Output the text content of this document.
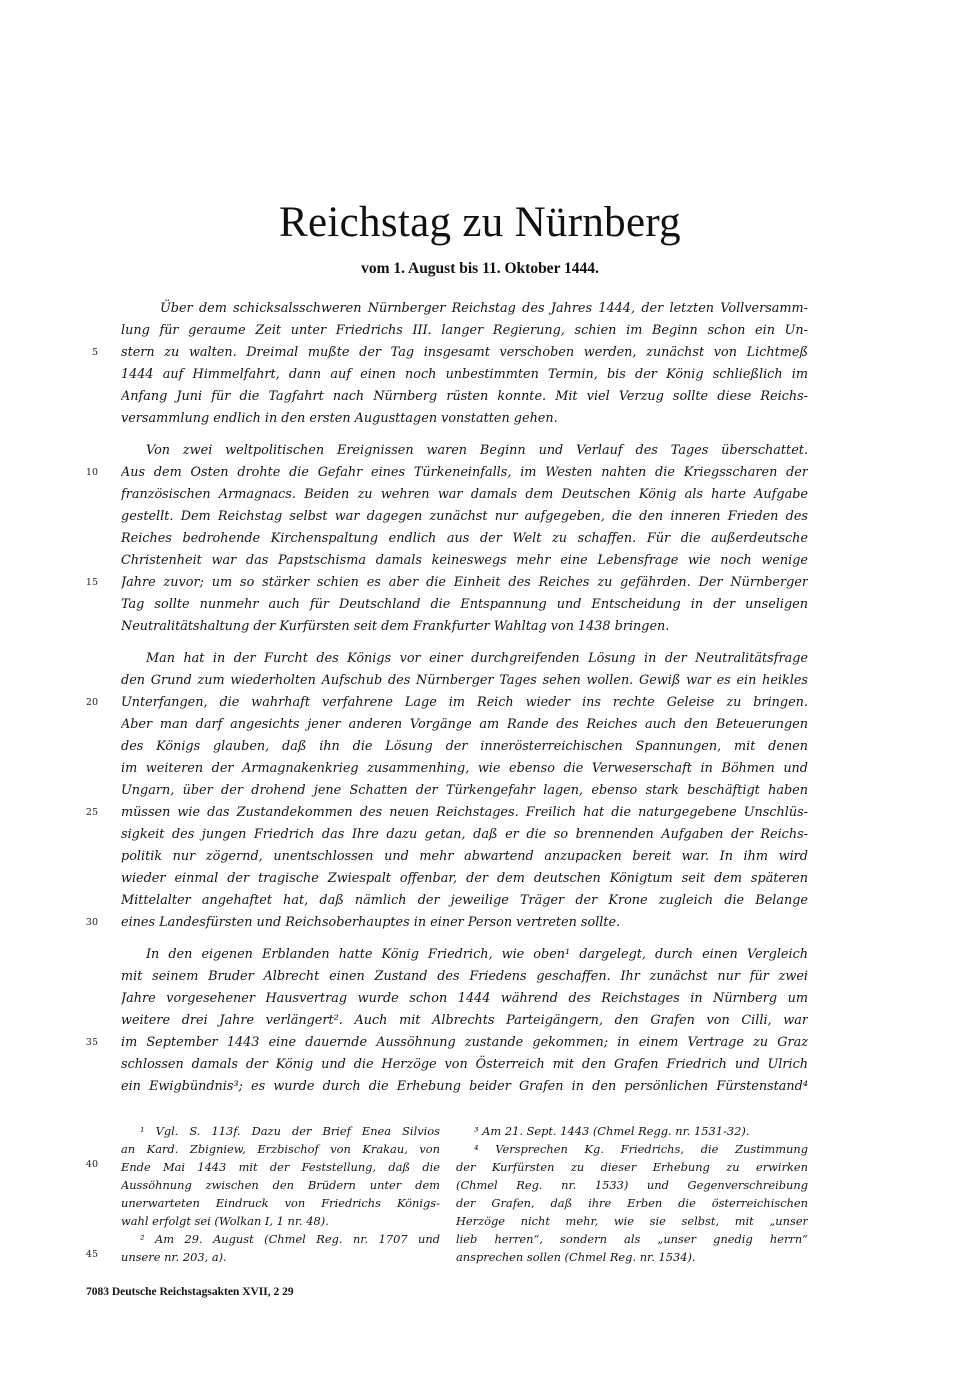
Reichstag zu Nürnberg
vom 1. August bis 11. Oktober 1444.
Über dem schicksalsschweren Nürnberger Reichstag des Jahres 1444, der letzten Vollversamm-
lung für geraume Zeit unter Friedrichs III. langer Regierung, schien im Beginn schon ein Un-
stern zu walten. Dreimal mußte der Tag insgesamt verschoben werden, zunächst von Lichtmeß
1444 auf Himmelfahrt, dann auf einen noch unbestimmten Termin, bis der König schließlich im
Anfang Juni für die Tagfahrt nach Nürnberg rüsten konnte. Mit viel Verzug sollte diese Reichs-
versammlung endlich in den ersten Augusttagen vonstatten gehen.
Von zwei weltpolitischen Ereignissen waren Beginn und Verlauf des Tages überschattet.
Aus dem Osten drohte die Gefahr eines Türkeneinfalls, im Westen nahten die Kriegsscharen der
französischen Armagnacs. Beiden zu wehren war damals dem Deutschen König als harte Aufgabe
gestellt. Dem Reichstag selbst war dagegen zunächst nur aufgegeben, die den inneren Frieden des
Reiches bedrohende Kirchenspaltung endlich aus der Welt zu schaffen. Für die außerdeutsche
Christenheit war das Papstschisma damals keineswegs mehr eine Lebensfrage wie noch wenige
Jahre zuvor; um so stärker schien es aber die Einheit des Reiches zu gefährden. Der Nürnberger
Tag sollte nunmehr auch für Deutschland die Entspannung und Entscheidung in der unseligen
Neutralitätshaltung der Kurfürsten seit dem Frankfurter Wahltag von 1438 bringen.
Man hat in der Furcht des Königs vor einer durchgreifenden Lösung in der Neutralitätsfrage
den Grund zum wiederholten Aufschub des Nürnberger Tages sehen wollen. Gewiß war es ein heikles
Unterfangen, die wahrhaft verfahrene Lage im Reich wieder ins rechte Geleise zu bringen.
Aber man darf angesichts jener anderen Vorgänge am Rande des Reiches auch den Beteuerungen
des Königs glauben, daß ihn die Lösung der innerösterreichischen Spannungen, mit denen
im weiteren der Armagnakenkrieg zusammenhing, wie ebenso die Verweserschaft in Böhmen und
Ungarn, über der drohend jene Schatten der Türkengefahr lagen, ebenso stark beschäftigt haben
müssen wie das Zustandekommen des neuen Reichstages. Freilich hat die naturgegebene Unschlüs-
sigkeit des jungen Friedrich das Ihre dazu getan, daß er die so brennenden Aufgaben der Reichs-
politik nur zögernd, unentschlossen und mehr abwartend anzupacken bereit war. In ihm wird
wieder einmal der tragische Zwiespalt offenbar, der dem deutschen Königtum seit dem späteren
Mittelalter angehaftet hat, daß nämlich der jeweilige Träger der Krone zugleich die Belange
eines Landesfürsten und Reichsoberhauptes in einer Person vertreten sollte.
In den eigenen Erblanden hatte König Friedrich, wie oben¹ dargelegt, durch einen Vergleich
mit seinem Bruder Albrecht einen Zustand des Friedens geschaffen. Ihr zunächst nur für zwei
Jahre vorgesehener Hausvertrag wurde schon 1444 während des Reichstages in Nürnberg um
weitere drei Jahre verlängert². Auch mit Albrechts Parteigängern, den Grafen von Cilli, war
im September 1443 eine dauernde Aussöhnung zustande gekommen; in einem Vertrage zu Graz
schlossen damals der König und die Herzöge von Österreich mit den Grafen Friedrich und Ulrich
ein Ewigbündnis³; es wurde durch die Erhebung beider Grafen in den persönlichen Fürstenstand⁴
5
10
15
20
25
30
35
40
45
¹ Vgl. S. 113f. Dazu der Brief Enea Silvios
an Kard. Zbigniew, Erzbischof von Krakau, von
Ende Mai 1443 mit der Feststellung, daß die
Aussöhnung zwischen den Brüdern unter dem
unerwarteten Eindruck von Friedrichs Königs-
wahl erfolgt sei (Wolkan I, 1 nr. 48).
² Am 29. August (Chmel Reg. nr. 1707 und
unsere nr. 203, a).
³ Am 21. Sept. 1443 (Chmel Regg. nr. 1531-32).
⁴ Versprechen Kg. Friedrichs, die Zustimmung
der Kurfürsten zu dieser Erhebung zu erwirken
(Chmel Reg. nr. 1533) und Gegenverschreibung
der Grafen, daß ihre Erben die österreichischen
Herzöge nicht mehr, wie sie selbst, mit „unser
lieb herren“, sondern als „unser gnedig herrn“
ansprechen sollen (Chmel Reg. nr. 1534).
7083 Deutsche Reichstagsakten XVII, 2 29
